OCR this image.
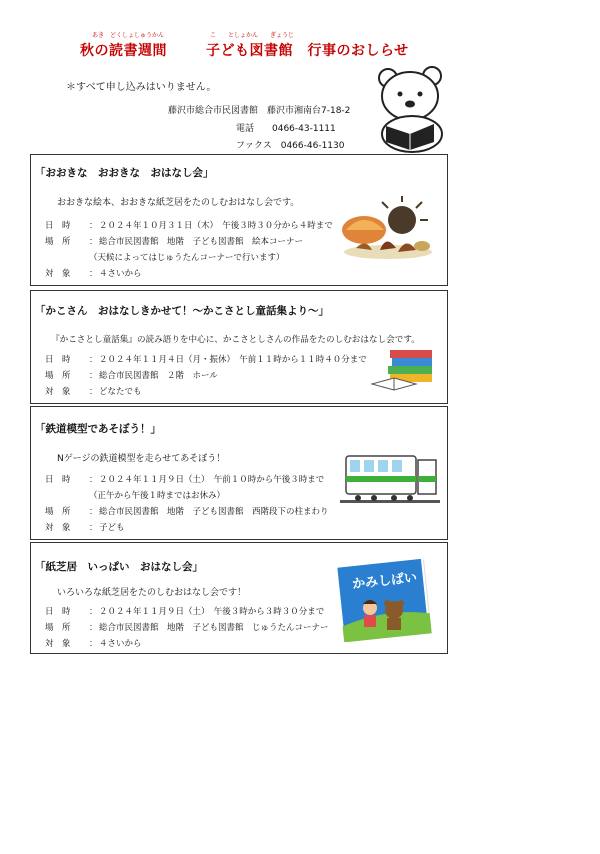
あき　どくしょしゅうかん	こ　　としょかん　　ぎょうじ
秋の読書週間	子ども図書館　行事のおしらせ
＊すべて申し込みはいりません。
藤沢市総合市民図書館　藤沢市湘南台7-18-2
電話　　0466-43-1111
ファクス　0466-46-1130
「おおきな　おおきな　おはなし会」
おおきな絵本、おおきな紙芝居をたのしむおはなし会です。
日　時 ：２０２４年１０月３１日（木）　午後３時３０分から４時まで
場　所 ：総合市民図書館　地階　子ども図書館　絵本コーナー
（天候によってはじゅうたんコーナーで行います）
対　象 ：４さいから
「かこさん　おはなしきかせて！～かこさとし童話集より～」
『かこさとし童話集』の読み語りを中心に、かこさとしさんの作品をたのしむおはなし会です。
日　時 ：２０２４年１１月４日（月・振休）　午前１１時から１１時４０分まで
場　所 ：総合市民図書館　２階　ホール
対　象 ：どなたでも
「鉄道模型であそぼう！」
Nゲージの鉄道模型を走らせてあそぼう！
日　時 ：２０２４年１１月９日（土）　午前１０時から午後３時まで
（正午から午後１時まではお休み）
場　所 ：総合市民図書館　地階　子ども図書館　西階段下の柱まわり
対　象 ：子ども
「紙芝居　いっぱい　おはなし会」
いろいろな紙芝居をたのしむおはなし会です！
日　時 ：２０２４年１１月９日（土）　午後３時から３時３０分まで
場　所 ：総合市民図書館　地階　子ども図書館　じゅうたんコーナー
対　象 ：４さいから
かみしばい
